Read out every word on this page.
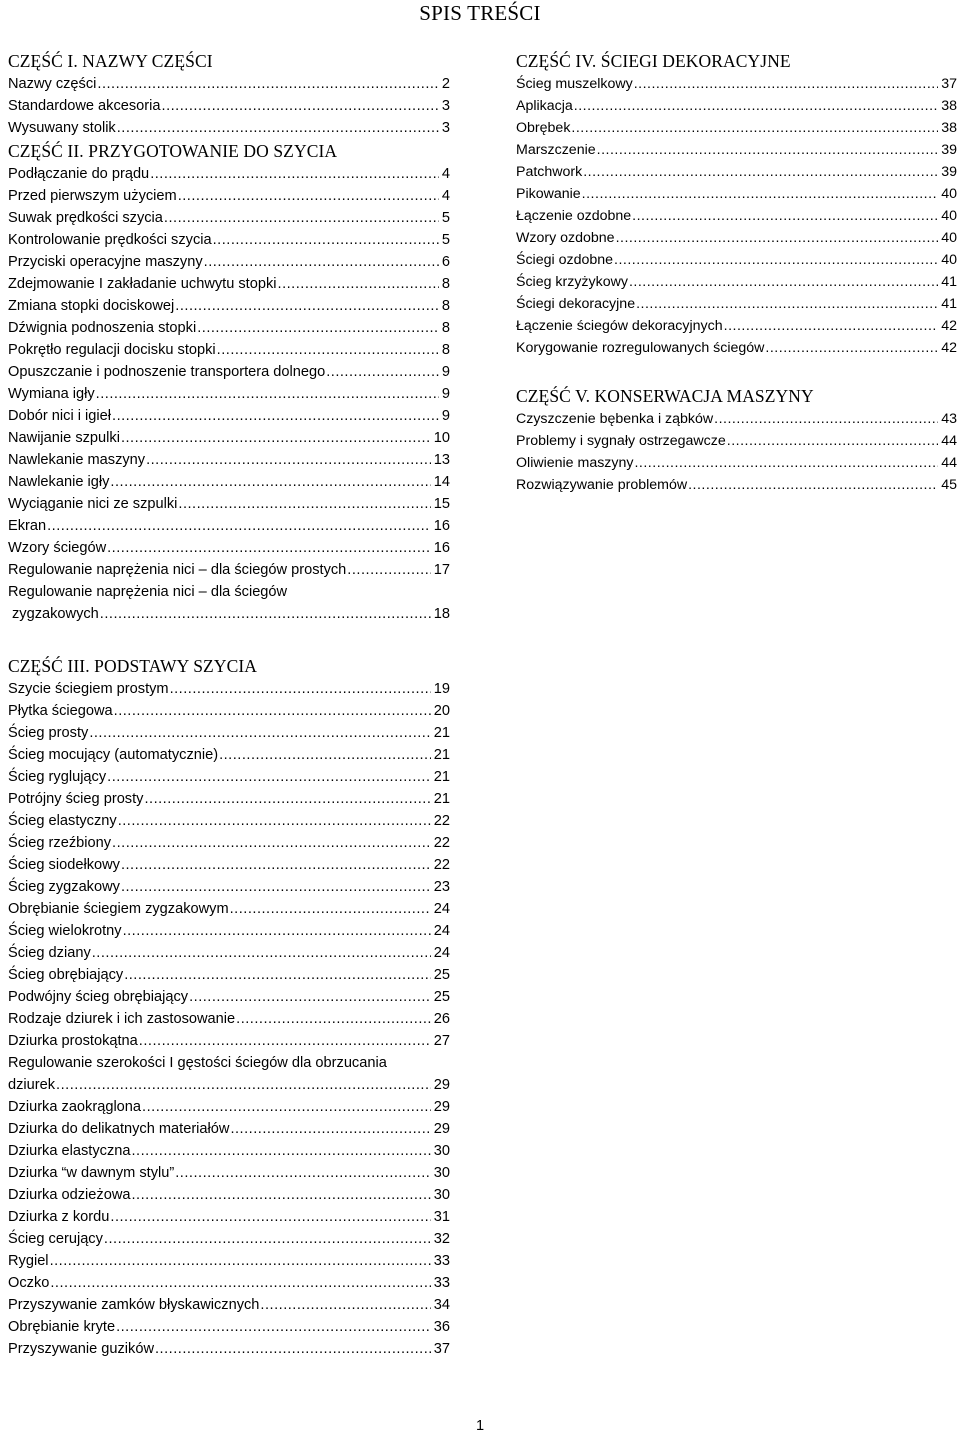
SPIS TREŚCI
CZĘŚĆ I. NAZWY CZĘŚCI
Nazwy części .....	2
Standardowe akcesoria .....	3
Wysuwany stolik .....	3
CZĘŚĆ II. PRZYGOTOWANIE DO SZYCIA
Podłączanie do prądu .....	4
Przed pierwszym użyciem .....	4
Suwak prędkości szycia .....	5
Kontrolowanie prędkości szycia .....	5
Przyciski operacyjne maszyny .....	6
Zdejmowanie I zakładanie uchwytu stopki .....	8
Zmiana stopki dociskowej .....	8
Dźwignia podnoszenia stopki .....	8
Pokrętło regulacji docisku stopki .....	8
Opuszczanie i podnoszenie transportera dolnego .....	9
Wymiana igły .....	9
Dobór nici i igieł .....	9
Nawijanie szpulki .....	10
Nawlekanie maszyny .....	13
Nawlekanie igły .....	14
Wyciąganie nici ze szpulki .....	15
Ekran .....	16
Wzory ściegów .....	16
Regulowanie naprężenia nici – dla ściegów prostych .....	17
Regulowanie naprężenia nici – dla ściegów
zygzakowych .....	18
CZĘŚĆ III. PODSTAWY SZYCIA
Szycie ściegiem prostym .....	19
Płytka ściegowa .....	20
Ścieg prosty .....	21
Ścieg mocujący (automatycznie) .....	21
Ścieg ryglujący .....	21
Potrójny ścieg prosty .....	21
Ścieg elastyczny .....	22
Ścieg rzeźbiony .....	22
Ścieg siodełkowy .....	22
Ścieg zygzakowy .....	23
Obrębianie ściegiem zygzakowym .....	24
Ścieg wielokrotny .....	24
Ścieg dziany .....	24
Ścieg obrębiający .....	25
Podwójny ścieg obrębiający .....	25
Rodzaje dziurek i ich zastosowanie .....	26
Dziurka prostokątna .....	27
Regulowanie szerokości I gęstości ściegów dla obrzucania
dziurek .....	29
Dziurka zaokrąglona .....	29
Dziurka do delikatnych materiałów .....	29
Dziurka elastyczna .....	30
Dziurka “w dawnym stylu” .....	30
Dziurka odzieżowa .....	30
Dziurka z kordu .....	31
Ścieg cerujący .....	32
Rygiel .....	33
Oczko .....	33
Przyszywanie zamków błyskawicznych .....	34
Obrębianie kryte .....	36
Przyszywanie guzików .....	37
CZĘŚĆ IV. ŚCIEGI DEKORACYJNE
Ścieg muszelkowy .....	37
Aplikacja .....	38
Obrębek .....	38
Marszczenie .....	39
Patchwork .....	39
Pikowanie .....	40
Łączenie ozdobne .....	40
Wzory ozdobne .....	40
Ściegi ozdobne .....	40
Ścieg krzyżykowy .....	41
Ściegi dekoracyjne .....	41
Łączenie ściegów dekoracyjnych .....	42
Korygowanie rozregulowanych ściegów .....	42
CZĘŚĆ V. KONSERWACJA MASZYNY
Czyszczenie bębenka i ząbków .....	43
Problemy i sygnały ostrzegawcze .....	44
Oliwienie maszyny .....	44
Rozwiązywanie problemów .....	45
1
